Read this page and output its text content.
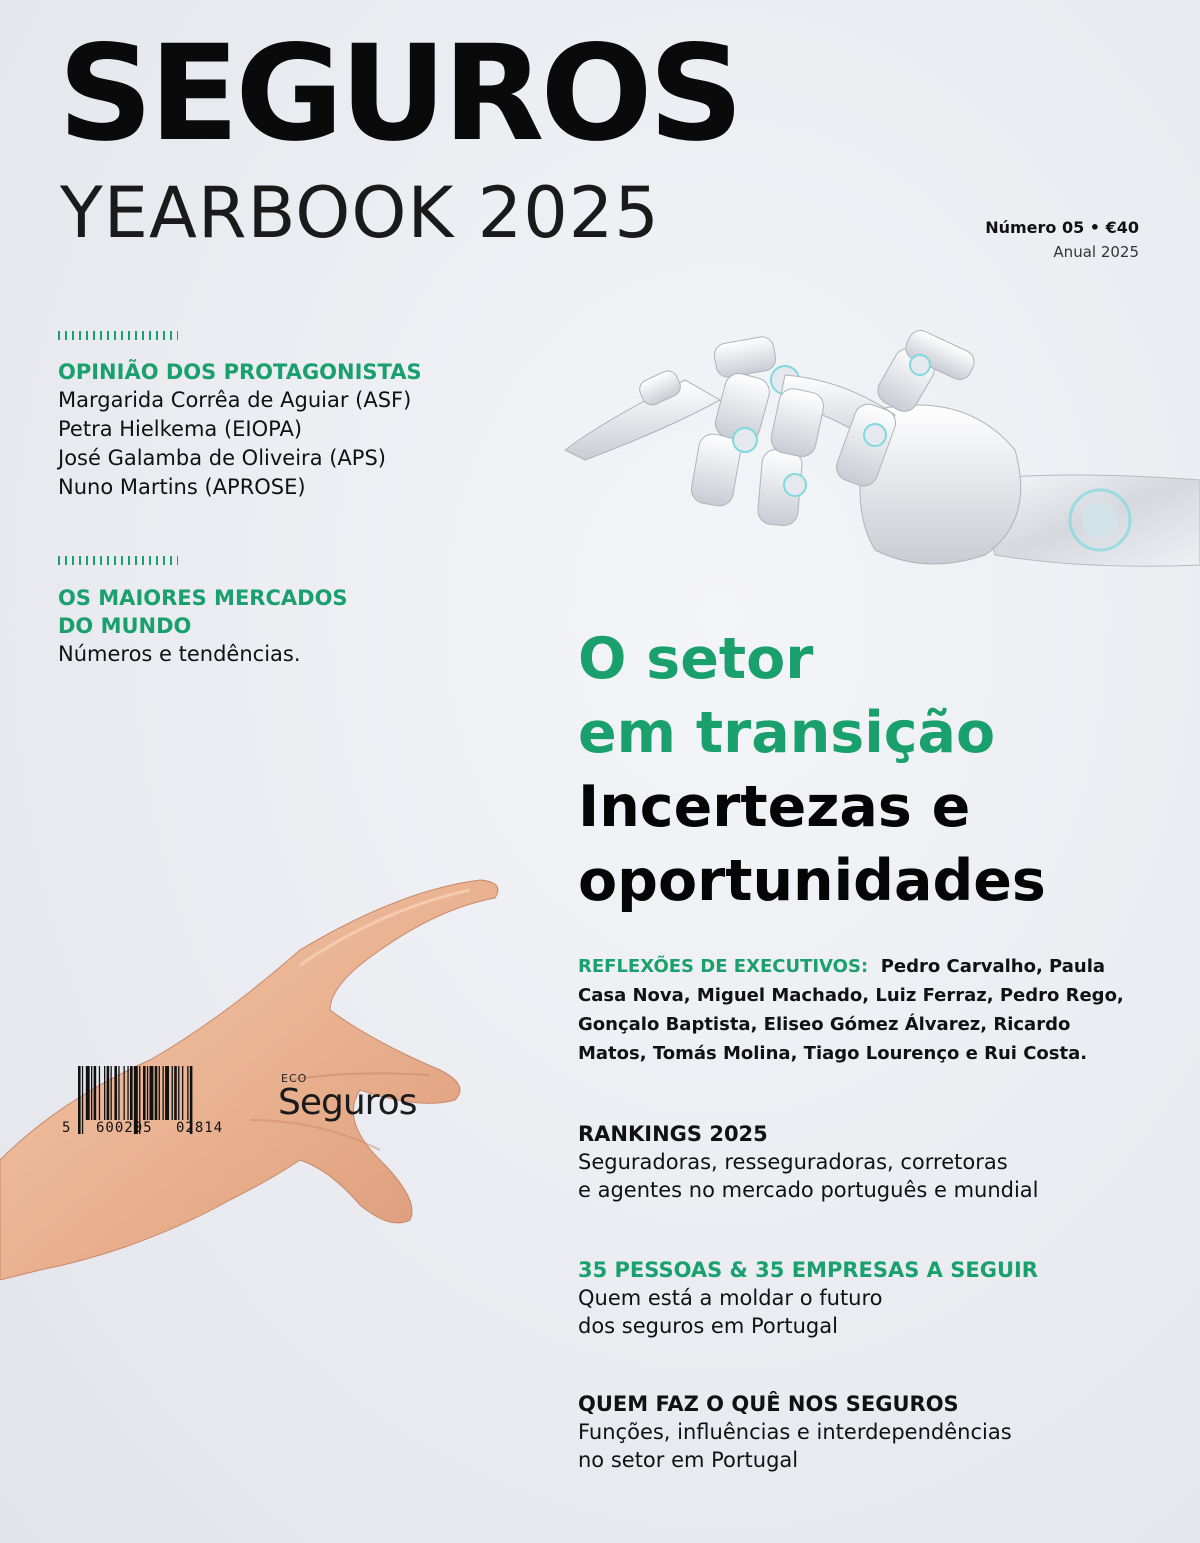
SEGUROS
YEARBOOK 2025	Número 05 • €40
Anual 2025
OPINIÃO DOS PROTAGONISTAS
Margarida Corrêa de Aguiar (ASF)
Petra Hielkema (EIOPA)
José Galamba de Oliveira (APS)
Nuno Martins (APROSE)
OS MAIORES MERCADOS
DO MUNDO
Números e tendências.	O setor
em transição
Incertezas e
oportunidades
REFLEXÕES DE EXECUTIVOS: Pedro Carvalho, Paula Casa Nova, Miguel Machado, Luiz Ferraz, Pedro Rego, Gonçalo Baptista, Eliseo Gómez Álvarez, Ricardo Matos, Tomás Molina, Tiago Lourenço e Rui Costa.
RANKINGS 2025
Seguradoras, resseguradoras, corretoras
e agentes no mercado português e mundial
35 PESSOAS & 35 EMPRESAS A SEGUIR
Quem está a moldar o futuro
dos seguros em Portugal
QUEM FAZ O QUÊ NOS SEGUROS
Funções, influências e interdependências
no setor em Portugal
5 600205 02814
ECO
Seguros
